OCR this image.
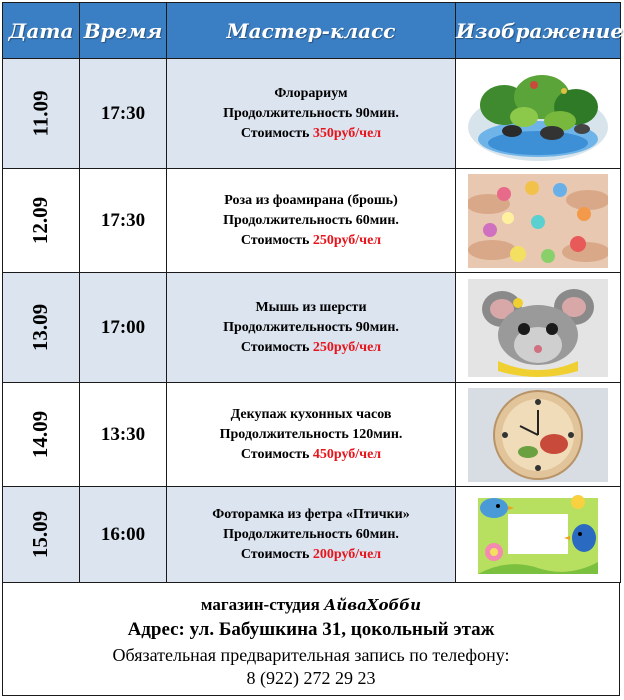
Дата	Время	Мастер-класс	Изображение
11.09	17:30	Флорариум
Продолжительность 90мин.
Стоимость 350руб/чел

12.09	17:30	Роза из фоамирана (брошь)
Продолжительность 60мин.
Стоимость 250руб/чел

13.09	17:00	Мышь из шерсти
Продолжительность 90мин.
Стоимость 250руб/чел

14.09	13:30	Декупаж кухонных часов
Продолжительность 120мин.
Стоимость 450руб/чел

15.09	16:00	Фоторамка из фетра «Птички»
Продолжительность 60мин.
Стоимость 200руб/чел

магазин-студия АйваХобби
Адрес: ул. Бабушкина 31, цокольный этаж
Обязательная предварительная запись по телефону:
8 (922) 272 29 23
